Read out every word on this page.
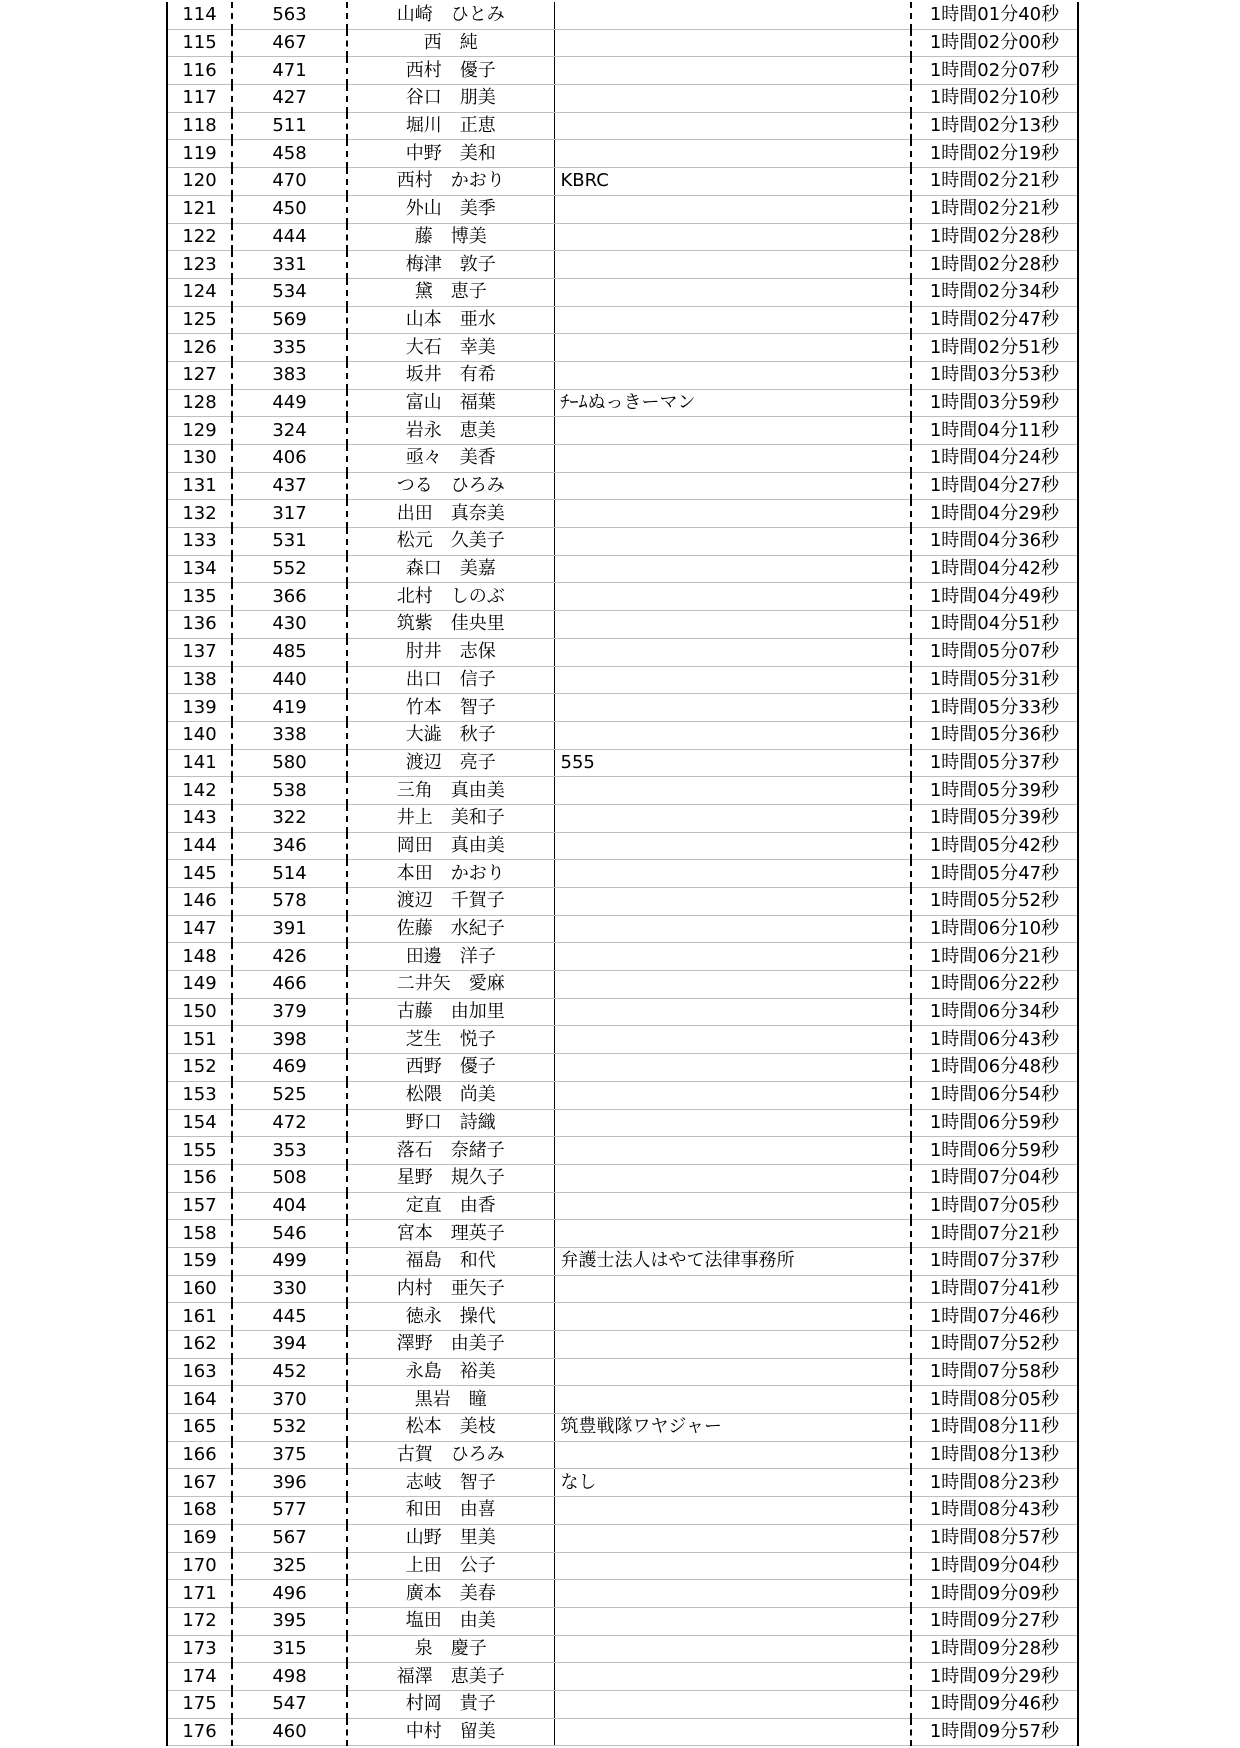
114	563	山崎　ひとみ		1時間01分40秒
115	467	西　純		1時間02分00秒
116	471	西村　優子		1時間02分07秒
117	427	谷口　朋美		1時間02分10秒
118	511	堀川　正恵		1時間02分13秒
119	458	中野　美和		1時間02分19秒
120	470	西村　かおり	KBRC	1時間02分21秒
121	450	外山　美季		1時間02分21秒
122	444	藤　博美		1時間02分28秒
123	331	梅津　敦子		1時間02分28秒
124	534	黛　恵子		1時間02分34秒
125	569	山本　亜水		1時間02分47秒
126	335	大石　幸美		1時間02分51秒
127	383	坂井　有希		1時間03分53秒
128	449	富山　福葉	ﾁｰﾑぬっきーマン	1時間03分59秒
129	324	岩永　恵美		1時間04分11秒
130	406	亟々　美香		1時間04分24秒
131	437	つる　ひろみ		1時間04分27秒
132	317	出田　真奈美		1時間04分29秒
133	531	松元　久美子		1時間04分36秒
134	552	森口　美嘉		1時間04分42秒
135	366	北村　しのぶ		1時間04分49秒
136	430	筑紫　佳央里		1時間04分51秒
137	485	肘井　志保		1時間05分07秒
138	440	出口　信子		1時間05分31秒
139	419	竹本　智子		1時間05分33秒
140	338	大澁　秋子		1時間05分36秒
141	580	渡辺　亮子	555	1時間05分37秒
142	538	三角　真由美		1時間05分39秒
143	322	井上　美和子		1時間05分39秒
144	346	岡田　真由美		1時間05分42秒
145	514	本田　かおり		1時間05分47秒
146	578	渡辺　千賀子		1時間05分52秒
147	391	佐藤　水紀子		1時間06分10秒
148	426	田邊　洋子		1時間06分21秒
149	466	二井矢　愛麻		1時間06分22秒
150	379	古藤　由加里		1時間06分34秒
151	398	芝生　悦子		1時間06分43秒
152	469	西野　優子		1時間06分48秒
153	525	松隈　尚美		1時間06分54秒
154	472	野口　詩織		1時間06分59秒
155	353	落石　奈緒子		1時間06分59秒
156	508	星野　規久子		1時間07分04秒
157	404	定直　由香		1時間07分05秒
158	546	宮本　理英子		1時間07分21秒
159	499	福島　和代	弁護士法人はやて法律事務所	1時間07分37秒
160	330	内村　亜矢子		1時間07分41秒
161	445	徳永　操代		1時間07分46秒
162	394	澤野　由美子		1時間07分52秒
163	452	永島　裕美		1時間07分58秒
164	370	黒岩　瞳		1時間08分05秒
165	532	松本　美枝	筑豊戦隊ワヤジャー	1時間08分11秒
166	375	古賀　ひろみ		1時間08分13秒
167	396	志岐　智子	なし	1時間08分23秒
168	577	和田　由喜		1時間08分43秒
169	567	山野　里美		1時間08分57秒
170	325	上田　公子		1時間09分04秒
171	496	廣本　美春		1時間09分09秒
172	395	塩田　由美		1時間09分27秒
173	315	泉　慶子		1時間09分28秒
174	498	福澤　恵美子		1時間09分29秒
175	547	村岡　貴子		1時間09分46秒
176	460	中村　留美		1時間09分57秒
